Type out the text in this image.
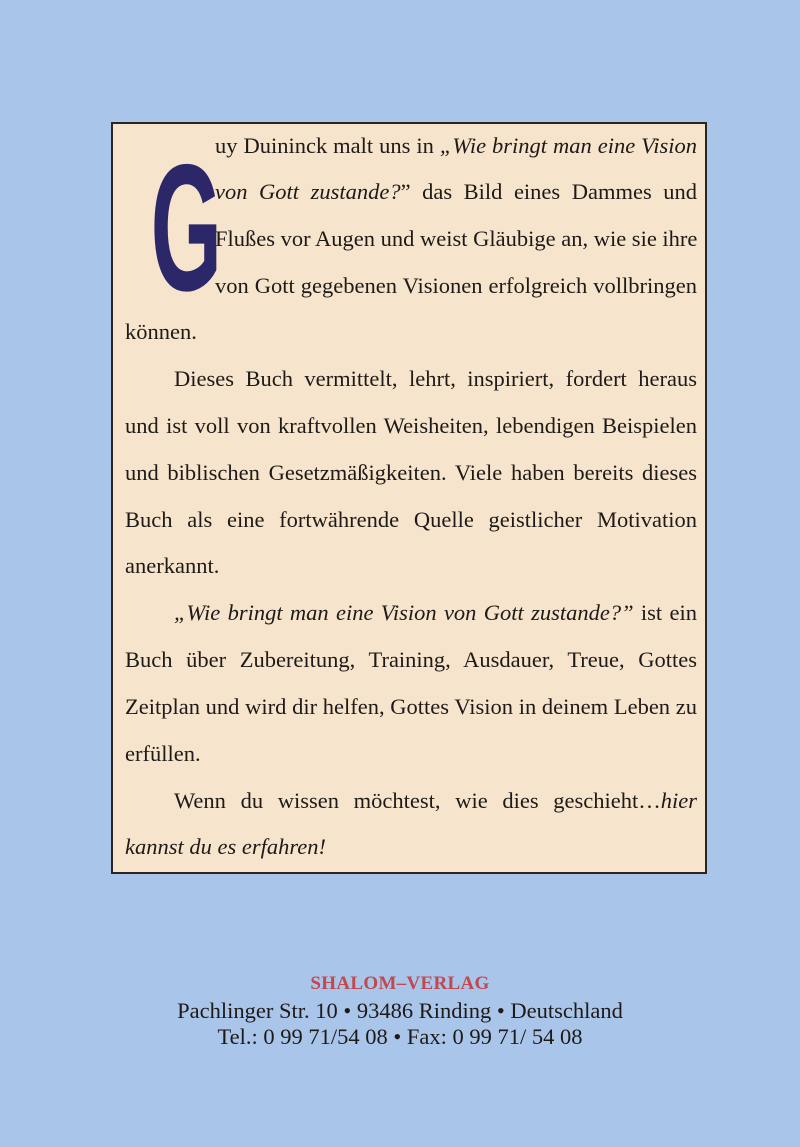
G
uy Duininck malt uns in „Wie bringt man eine Vision
von Gott zustande?” das Bild eines Dammes und
Flußes vor Augen und weist Gläubige an, wie sie ihre
von Gott gegebenen Visionen erfolgreich vollbringen
können.
Dieses Buch vermittelt, lehrt, inspiriert, fordert heraus
und ist voll von kraftvollen Weisheiten, lebendigen Beispielen
und biblischen Gesetzmäßigkeiten. Viele haben bereits dieses
Buch als eine fortwährende Quelle geistlicher Motivation
anerkannt.
„Wie bringt man eine Vision von Gott zustande?” ist ein
Buch über Zubereitung, Training, Ausdauer, Treue, Gottes
Zeitplan und wird dir helfen, Gottes Vision in deinem Leben zu
erfüllen.
Wenn du wissen möchtest, wie dies geschieht…hier
kannst du es erfahren!
SHALOM–VERLAG
Pachlinger Str. 10 • 93486 Rinding • Deutschland
Tel.: 0 99 71/54 08 • Fax: 0 99 71/ 54 08
